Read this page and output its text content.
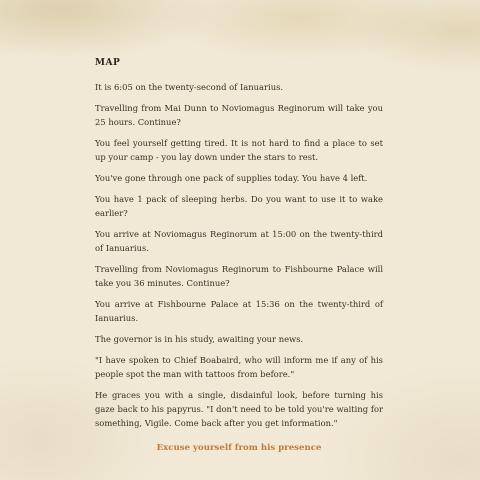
MAP

It is 6:05 on the twenty-second of Ianuarius.

Travelling from Mai Dunn to Noviomagus Reginorum will take you 25 hours. Continue?

You feel yourself getting tired. It is not hard to find a place to set up your camp - you lay down under the stars to rest.

You've gone through one pack of supplies today. You have 4 left.

You have 1 pack of sleeping herbs. Do you want to use it to wake earlier?

You arrive at Noviomagus Reginorum at 15:00 on the twenty-third of Ianuarius.

Travelling from Noviomagus Reginorum to Fishbourne Palace will take you 36 minutes. Continue?

You arrive at Fishbourne Palace at 15:36 on the twenty-third of Ianuarius.

The governor is in his study, awaiting your news.

"I have spoken to Chief Boabaird, who will inform me if any of his people spot the man with tattoos from before."

He graces you with a single, disdainful look, before turning his gaze back to his papyrus. "I don't need to be told you're waiting for something, Vigile. Come back after you get information."

Excuse yourself from his presence
